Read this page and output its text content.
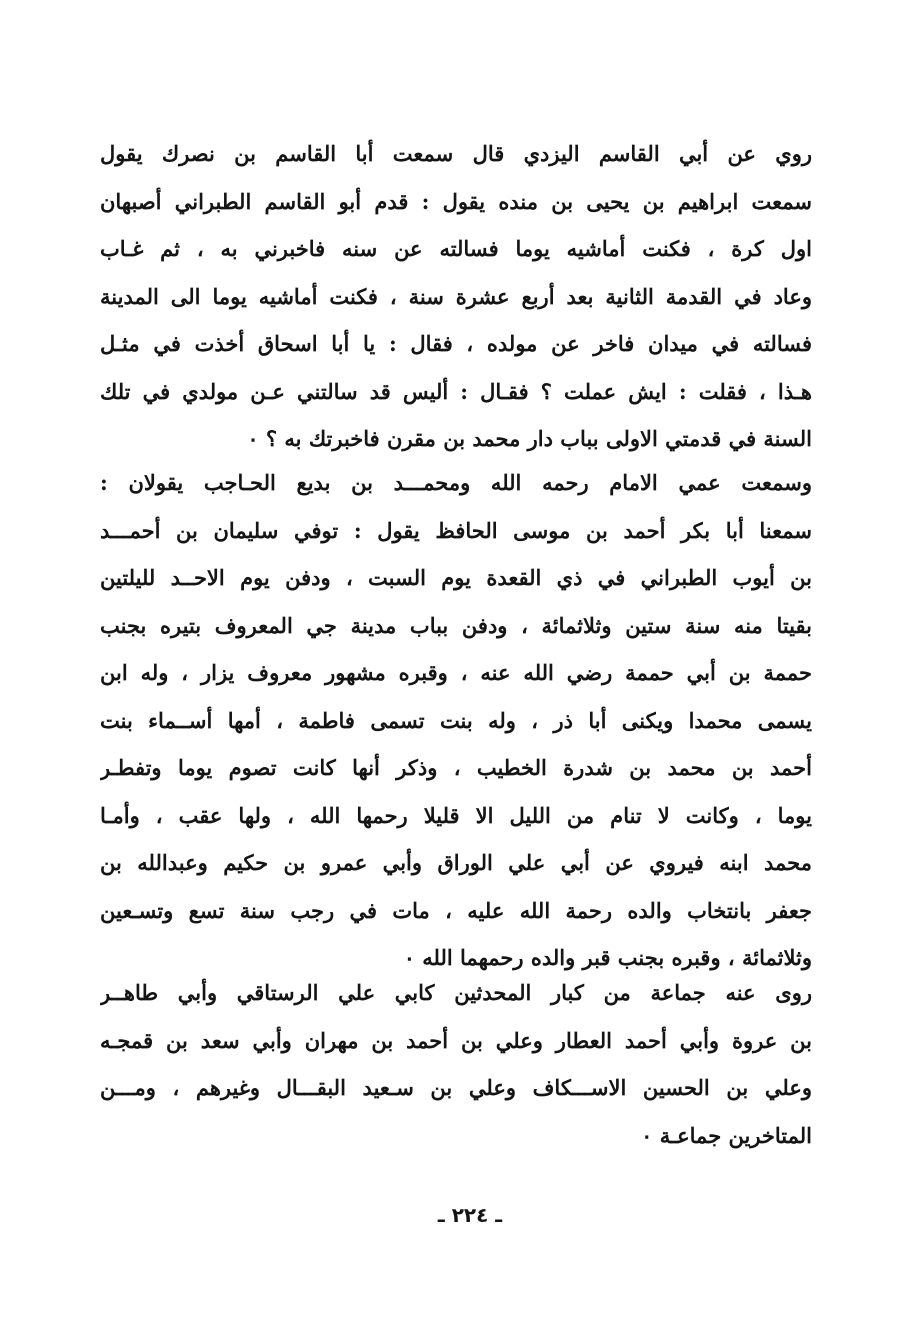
روي عن أبي القاسم اليزدي قال سمعت أبا القاسم بن نصرك يقول
سمعت ابراهيم بن يحيى بن منده يقول : قدم أبو القاسم الطبراني أصبهان
اول كرة ، فكنت أماشيه يوما فسالته عن سنه فاخبرني به ، ثم غـاب
وعاد في القدمة الثانية بعد أربع عشرة سنة ، فكنت أماشيه يوما الى المدينة
فسالته في ميدان فاخر عن مولده ، فقال : يا أبا اسحاق أخذت في مثـل
هـذا ، فقلت : ايش عملت ؟ فقـال : أليس قد سالتني عـن مولدي في تلك
السنة في قدمتي الاولى بباب دار محمد بن مقرن فاخبرتك به ؟ ٠
وسمعت عمي الامام رحمه الله ومحمـــد بن بديع الحـاجب يقولان :
سمعنا أبا بكر أحمد بن موسى الحافظ يقول : توفي سليمان بن أحمـــد
بن أيوب الطبراني في ذي القعدة يوم السبت ، ودفن يوم الاحــد لليلتين
بقيتا منه سنة ستين وثلاثمائة ، ودفن بباب مدينة جي المعروف بتيره بجنب
حممة بن أبي حممة رضي الله عنه ، وقبره مشهور معروف يزار ، وله ابن
يسمى محمدا ويكنى أبا ذر ، وله بنت تسمى فاطمة ، أمها أســماء بنت
أحمد بن محمد بن شدرة الخطيب ، وذكر أنها كانت تصوم يوما وتفطـر
يوما ، وكانت لا تنام من الليل الا قليلا رحمها الله ، ولها عقب ، وأمـا
محمد ابنه فيروي عن أبي علي الوراق وأبي عمرو بن حكيم وعبدالله بن
جعفر بانتخاب والده رحمة الله عليه ، مات في رجب سنة تسع وتسـعين
وثلاثمائة ، وقبره بجنب قبر والده رحمهما الله ٠
روى عنه جماعة من كبار المحدثين كابي علي الرستاقي وأبي طاهــر
بن عروة وأبي أحمد العطار وعلي بن أحمد بن مهران وأبي سعد بن قمجـه
وعلي بن الحسين الاســـكاف وعلي بن سـعيد البقـــال وغيرهم ، ومـــن
المتاخرين جماعـة ٠
ـ ٢٢٤ ـ
